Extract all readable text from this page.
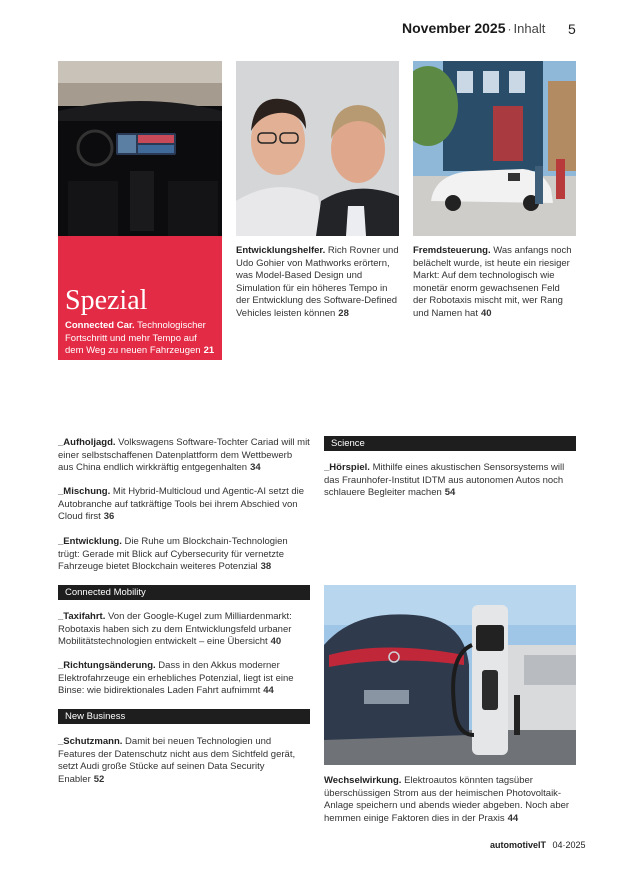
November 2025 · Inhalt 5
Spezial
Connected Car. Technologischer Fortschritt und mehr Tempo auf dem Weg zu neuen Fahrzeugen 21
Entwicklungshelfer. Rich Rovner und Udo Gohier von Mathworks erörtern, was Model-Based Design und Simulation für ein höheres Tempo in der Entwicklung des Software-Defined Vehicles leisten können 28
Fremdsteuerung. Was anfangs noch belächelt wurde, ist heute ein riesiger Markt: Auf dem technologisch wie monetär enorm gewachsenen Feld der Robotaxis mischt mit, wer Rang und Namen hat 40
_Aufholjagd. Volkswagens Software-Tochter Cariad will mit einer selbstschaffenen Datenplattform dem Wettbewerb aus China endlich wirkkräftig entgegenhalten 34
_Mischung. Mit Hybrid-Multicloud und Agentic-AI setzt die Autobranche auf tatkräftige Tools bei ihrem Abschied von Cloud first 36
_Entwicklung. Die Ruhe um Blockchain-Technologien trügt: Gerade mit Blick auf Cybersecurity für vernetzte Fahrzeuge bietet Blockchain weiteres Potenzial 38
Connected Mobility
_Taxifahrt. Von der Google-Kugel zum Milliardenmarkt: Robotaxis haben sich zu dem Entwicklungsfeld urbaner Mobilitätstechnologien entwickelt – eine Übersicht 40
_Richtungsänderung. Dass in den Akkus moderner Elektrofahrzeuge ein erhebliches Potenzial, liegt ist eine Binse: wie bidirektionales Laden Fahrt aufnimmt 44
New Business
_Schutzmann. Damit bei neuen Technologien und Features der Datenschutz nicht aus dem Sichtfeld gerät, setzt Audi große Stücke auf seinen Data Security Enabler 52
Science
_Hörspiel. Mithilfe eines akustischen Sensorsystems will das Fraunhofer-Institut IDTM aus autonomen Autos noch schlauere Begleiter machen 54
Wechselwirkung. Elektroautos könnten tagsüber überschüssigen Strom aus der heimischen Photovoltaik-Anlage speichern und abends wieder abgeben. Noch aber hemmen einige Faktoren dies in der Praxis 44
automotiveIT 04·2025
